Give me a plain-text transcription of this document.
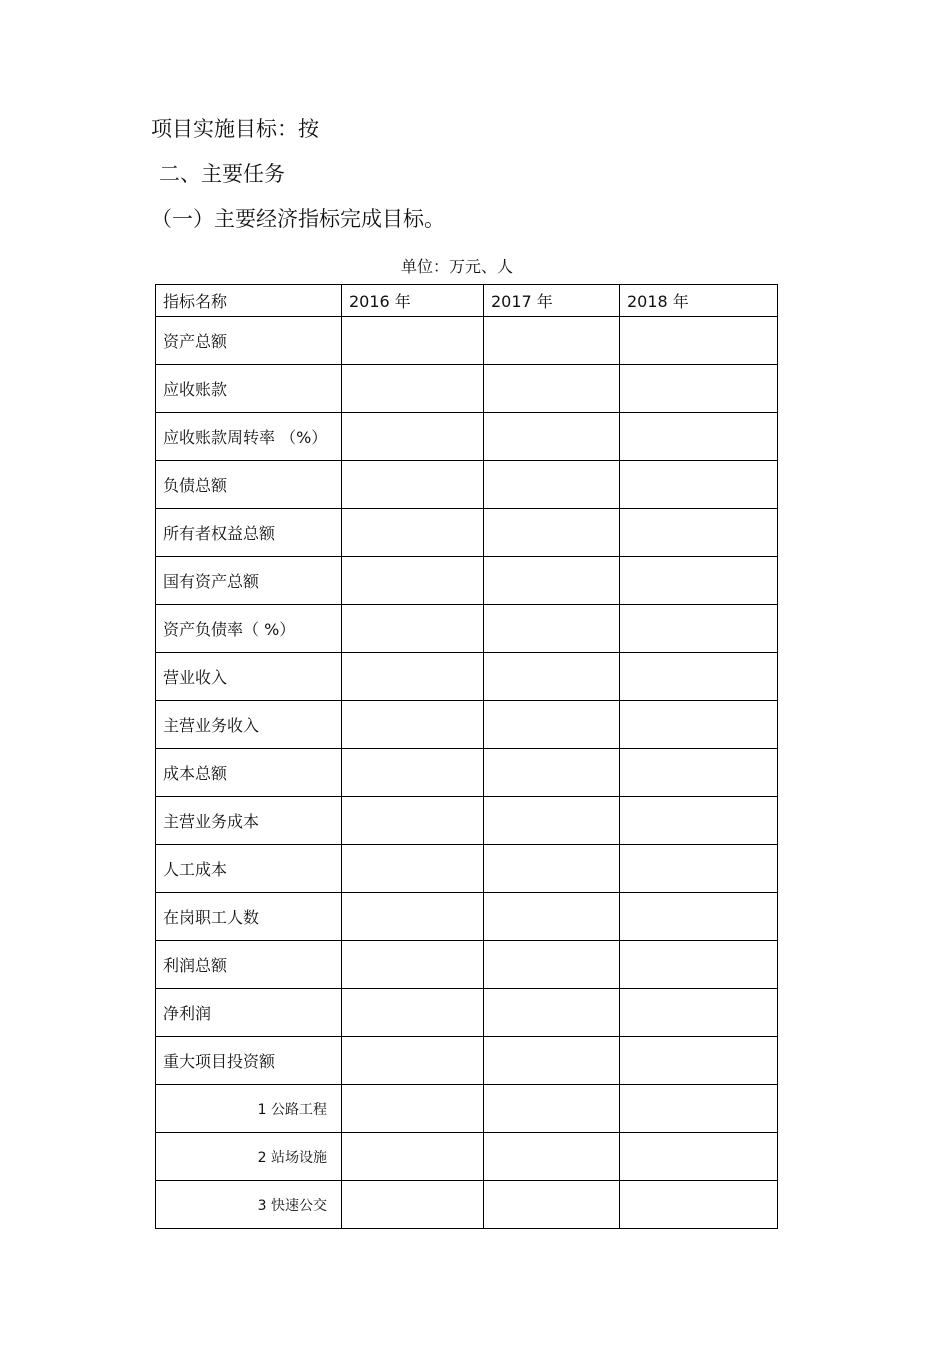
项目实施目标：按
二、主要任务
（一）主要经济指标完成目标。
单位：万元、人
指标名称	2016 年	2017 年	2018 年
资产总额			
应收账款			
应收账款周转率 （%）			
负债总额			
所有者权益总额			
国有资产总额			
资产负债率（ %）			
营业收入			
主营业务收入			
成本总额			
主营业务成本			
人工成本			
在岗职工人数			
利润总额			
净利润			
重大项目投资额			
1 公路工程			
2 站场设施			
3 快速公交			
